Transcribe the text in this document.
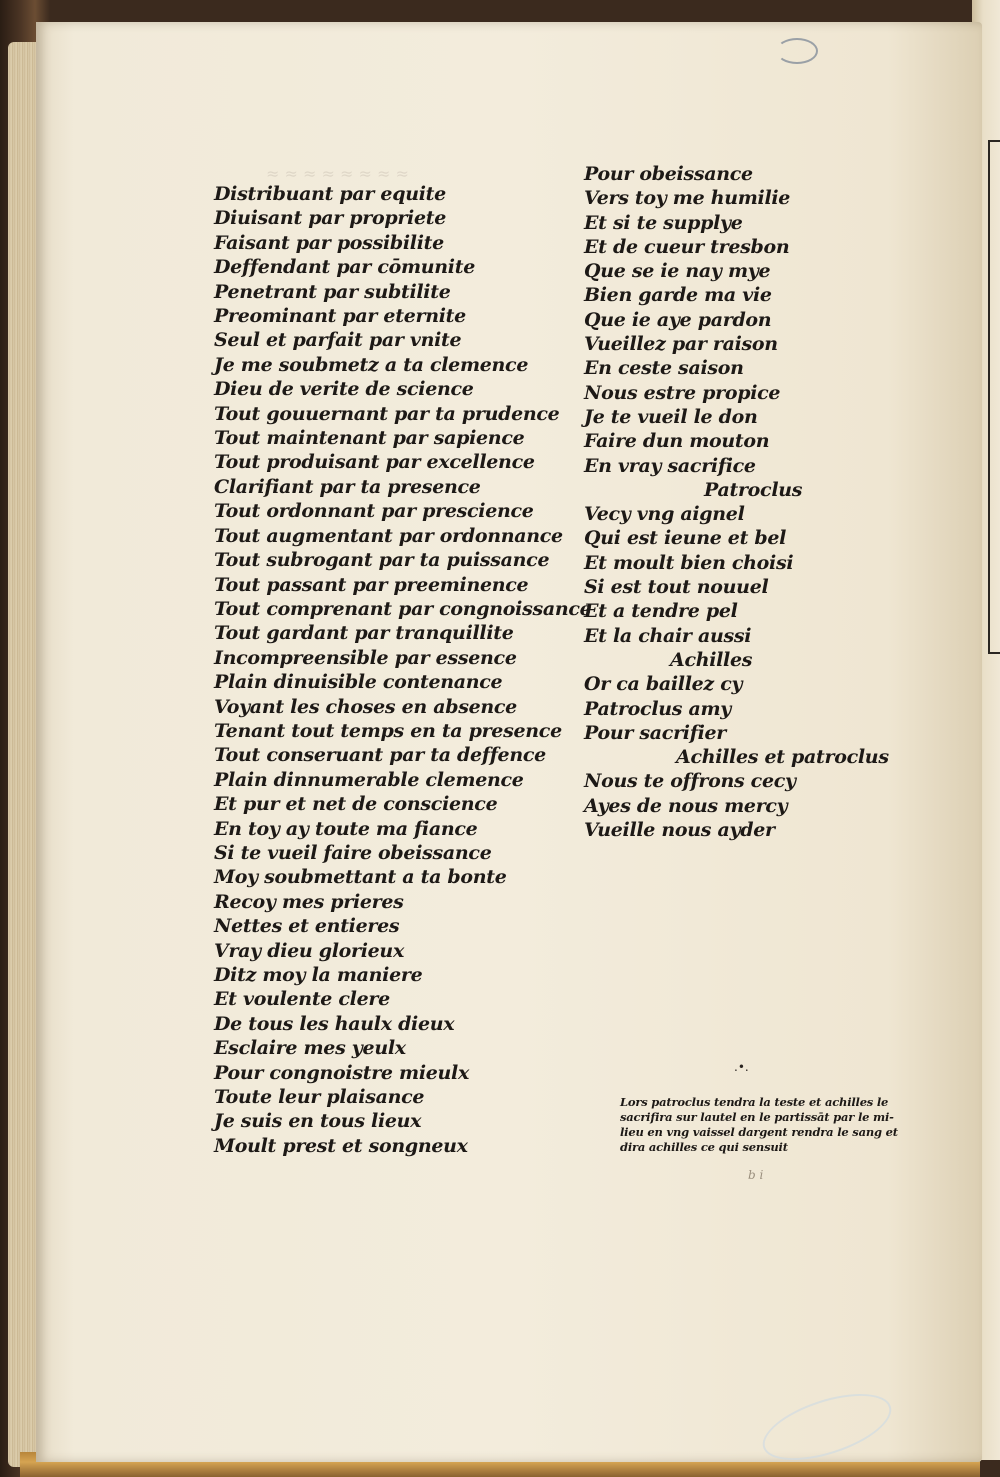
≈ ≈ ≈ ≈ ≈ ≈ ≈ ≈
Distribuant par equite
Diuisant par propriete
Faisant par possibilite
Deffendant par cōmunite
Penetrant par subtilite
Preominant par eternite
Seul et parfait par vnite
Je me soubmetz a ta clemence
Dieu de verite de science
Tout gouuernant par ta prudence
Tout maintenant par sapience
Tout produisant par excellence
Clarifiant par ta presence
Tout ordonnant par prescience
Tout augmentant par ordonnance
Tout subrogant par ta puissance
Tout passant par preeminence
Tout comprenant par congnoissance
Tout gardant par tranquillite
Incompreensible par essence
Plain dinuisible contenance
Voyant les choses en absence
Tenant tout temps en ta presence
Tout conseruant par ta deffence
Plain dinnumerable clemence
Et pur et net de conscience
En toy ay toute ma fiance
Si te vueil faire obeissance
Moy soubmettant a ta bonte
Recoy mes prieres
Nettes et entieres
Vray dieu glorieux
Ditz moy la maniere
Et voulente clere
De tous les haulx dieux
Esclaire mes yeulx
Pour congnoistre mieulx
Toute leur plaisance
Je suis en tous lieux
Moult prest et songneux
Pour obeissance
Vers toy me humilie
Et si te supplye
Et de cueur tresbon
Que se ie nay mye
Bien garde ma vie
Que ie aye pardon
Vueillez par raison
En ceste saison
Nous estre propice
Je te vueil le don
Faire dun mouton
En vray sacrifice
Patroclus
Vecy vng aignel
Qui est ieune et bel
Et moult bien choisi
Si est tout nouuel
Et a tendre pel
Et la chair aussi
Achilles
Or ca baillez cy
Patroclus amy
Pour sacrifier
Achilles et patroclus
Nous te offrons cecy
Ayes de nous mercy
Vueille nous ayder
.•.
Lors patroclus tendra la teste et achilles le sacrifira sur lautel en le partissāt par le mi- lieu en vng vaissel dargent rendra le sang et dira achilles ce qui sensuit
b i
